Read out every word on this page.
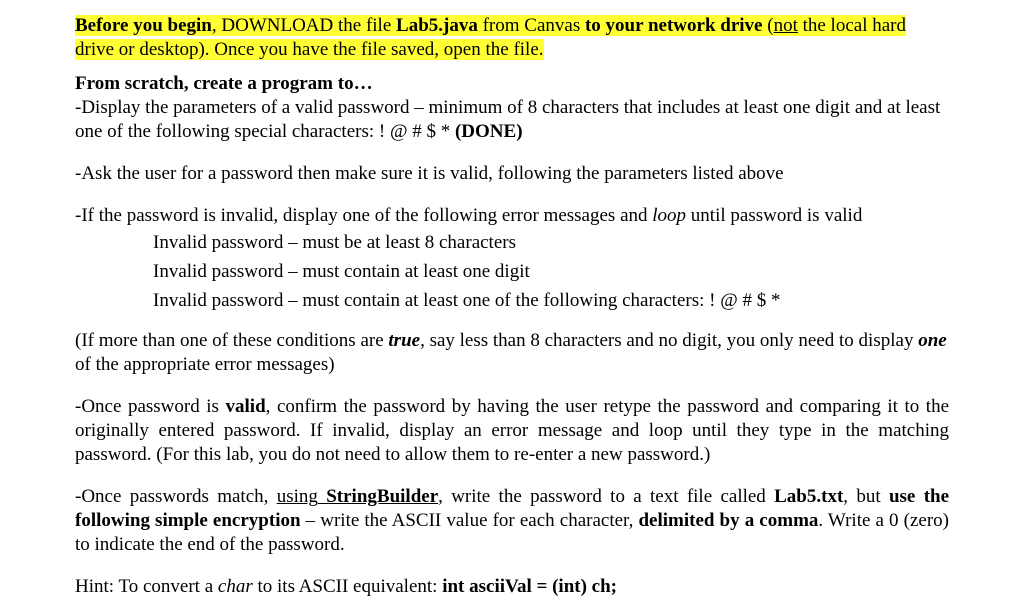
Before you begin, DOWNLOAD the file Lab5.java from Canvas to your network drive (not the local hard drive or desktop). Once you have the file saved, open the file.

From scratch, create a program to…

-Display the parameters of a valid password – minimum of 8 characters that includes at least one digit and at least one of the following special characters: ! @ # $ * (DONE)

-Ask the user for a password then make sure it is valid, following the parameters listed above

-If the password is invalid, display one of the following error messages and loop until password is valid

Invalid password – must be at least 8 characters
Invalid password – must contain at least one digit
Invalid password – must contain at least one of the following characters: ! @ # $ *

(If more than one of these conditions are true, say less than 8 characters and no digit, you only need to display one of the appropriate error messages)

-Once password is valid, confirm the password by having the user retype the password and comparing it to the originally entered password. If invalid, display an error message and loop until they type in the matching password. (For this lab, you do not need to allow them to re-enter a new password.)

-Once passwords match, using StringBuilder, write the password to a text file called Lab5.txt, but use the following simple encryption – write the ASCII value for each character, delimited by a comma. Write a 0 (zero) to indicate the end of the password.

Hint: To convert a char to its ASCII equivalent: int asciiVal = (int) ch;
